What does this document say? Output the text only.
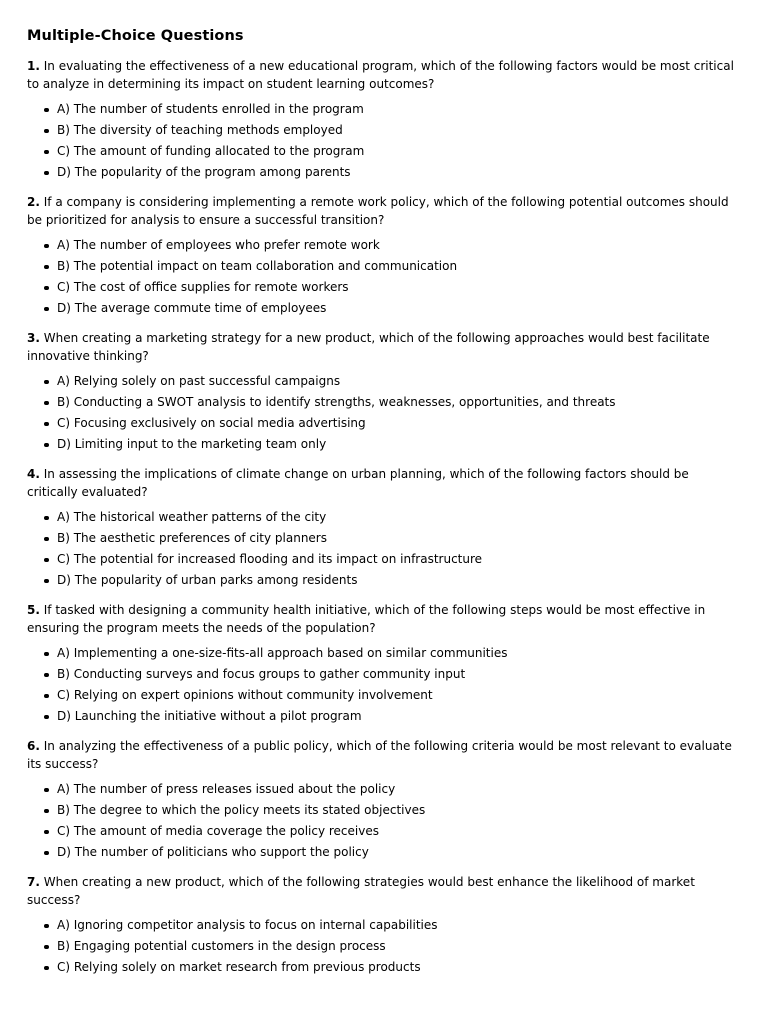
Multiple-Choice Questions
1. In evaluating the effectiveness of a new educational program, which of the following factors would be most critical to analyze in determining its impact on student learning outcomes?
A) The number of students enrolled in the program
B) The diversity of teaching methods employed
C) The amount of funding allocated to the program
D) The popularity of the program among parents
2. If a company is considering implementing a remote work policy, which of the following potential outcomes should be prioritized for analysis to ensure a successful transition?
A) The number of employees who prefer remote work
B) The potential impact on team collaboration and communication
C) The cost of office supplies for remote workers
D) The average commute time of employees
3. When creating a marketing strategy for a new product, which of the following approaches would best facilitate innovative thinking?
A) Relying solely on past successful campaigns
B) Conducting a SWOT analysis to identify strengths, weaknesses, opportunities, and threats
C) Focusing exclusively on social media advertising
D) Limiting input to the marketing team only
4. In assessing the implications of climate change on urban planning, which of the following factors should be critically evaluated?
A) The historical weather patterns of the city
B) The aesthetic preferences of city planners
C) The potential for increased flooding and its impact on infrastructure
D) The popularity of urban parks among residents
5. If tasked with designing a community health initiative, which of the following steps would be most effective in ensuring the program meets the needs of the population?
A) Implementing a one-size-fits-all approach based on similar communities
B) Conducting surveys and focus groups to gather community input
C) Relying on expert opinions without community involvement
D) Launching the initiative without a pilot program
6. In analyzing the effectiveness of a public policy, which of the following criteria would be most relevant to evaluate its success?
A) The number of press releases issued about the policy
B) The degree to which the policy meets its stated objectives
C) The amount of media coverage the policy receives
D) The number of politicians who support the policy
7. When creating a new product, which of the following strategies would best enhance the likelihood of market success?
A) Ignoring competitor analysis to focus on internal capabilities
B) Engaging potential customers in the design process
C) Relying solely on market research from previous products
